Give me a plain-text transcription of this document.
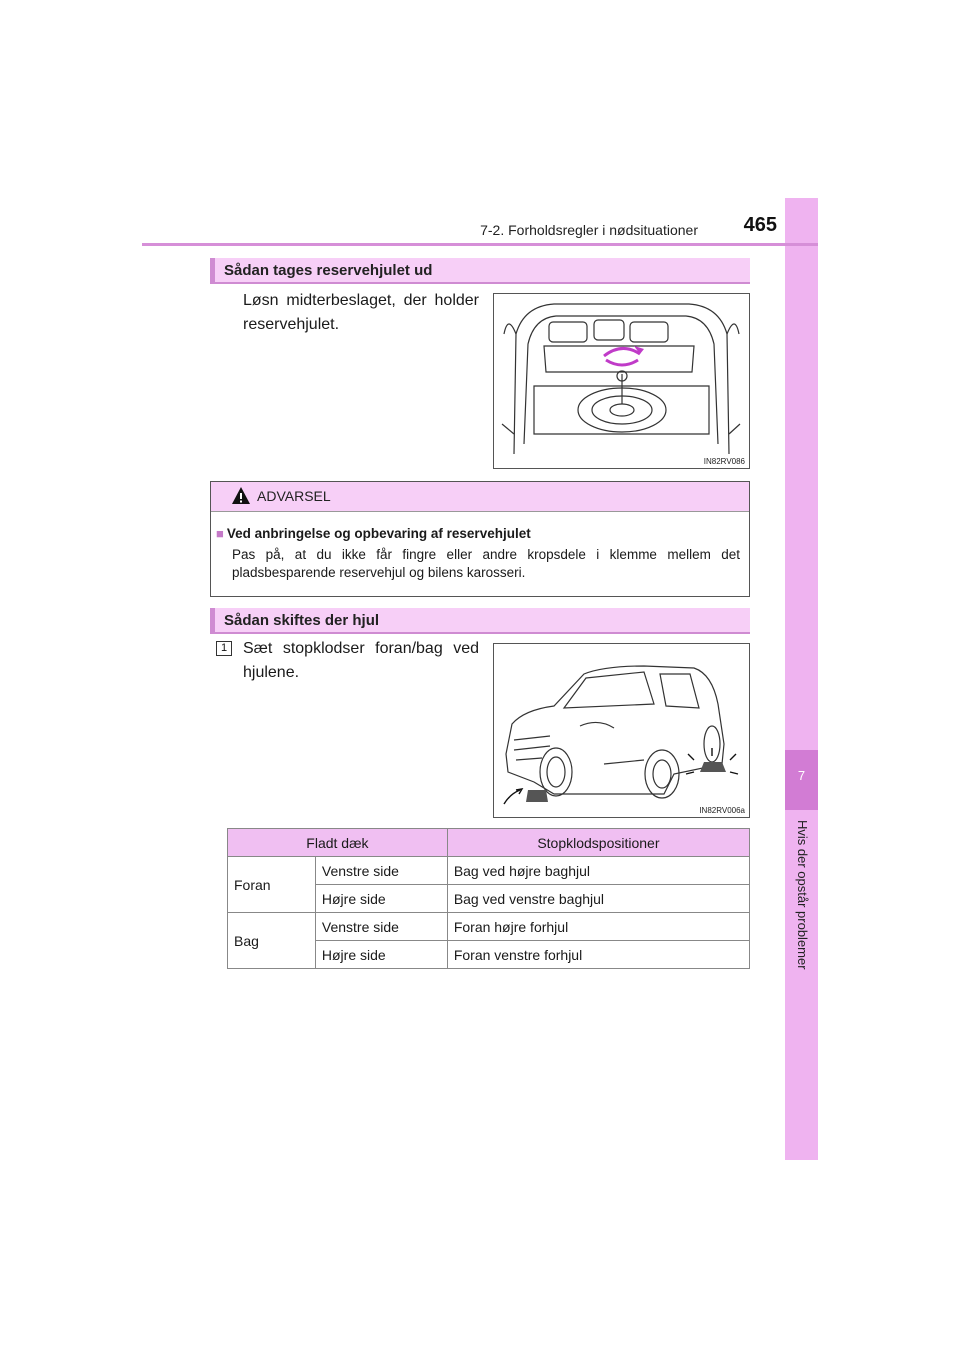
7
Hvis der opstår problemer
7-2. Forholdsregler i nødsituationer	465
Sådan tages reservehjulet ud
Løsn midterbeslaget, der holder reservehjulet.
IN82RV086
ADVARSEL
■ Ved anbringelse og opbevaring af reservehjulet
Pas på, at du ikke får fingre eller andre kropsdele i klemme mellem det pladsbesparende reservehjul og bilens karosseri.
Sådan skiftes der hjul
1 Sæt stopklodser foran/bag ved hjulene.
IN82RV006a
Fladt dæk		Stopklodspositioner
Foran	Venstre side	Bag ved højre baghjul
	Højre side	Bag ved venstre baghjul
Bag	Venstre side	Foran højre forhjul
	Højre side	Foran venstre forhjul
